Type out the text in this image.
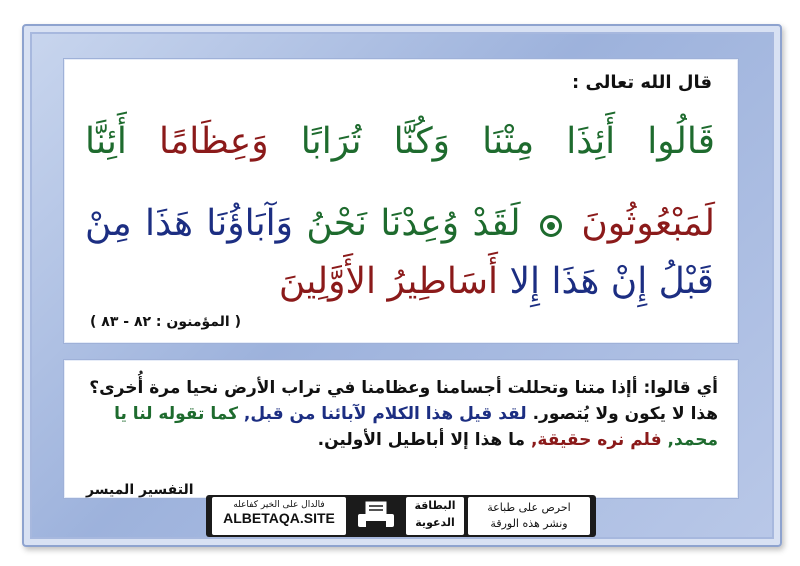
قال الله تعالى :
قَالُوا أَئِذَا مِتْنَا وَكُنَّا تُرَابًا وَعِظَامًا أَئِنَّا
لَمَبْعُوثُونَ  لَقَدْ وُعِدْنَا نَحْنُ وَآبَاؤُنَا هَذَا مِنْ
قَبْلُ إِنْ هَذَا إِلا أَسَاطِيرُ الأَوَّلِينَ
( المؤمنون : ٨٢ - ٨٣ )
أي قالوا: أإذا متنا وتحللت أجسامنا وعظامنا في تراب الأرض نحيا مرة أُخرى؟ هذا لا يكون ولا يُتصور. لقد قيل هذا الكلام لآبائنا من قبل, كما تقوله لنا يا محمد, فلم نره حقيقة, ما هذا إلا أباطيل الأولين.
التفسير الميسر
فالدال على الخير كفاعله
ALBETAQA.SITE
البطاقة الدعوية
احرص على طباعة
ونشر هذه الورقة
